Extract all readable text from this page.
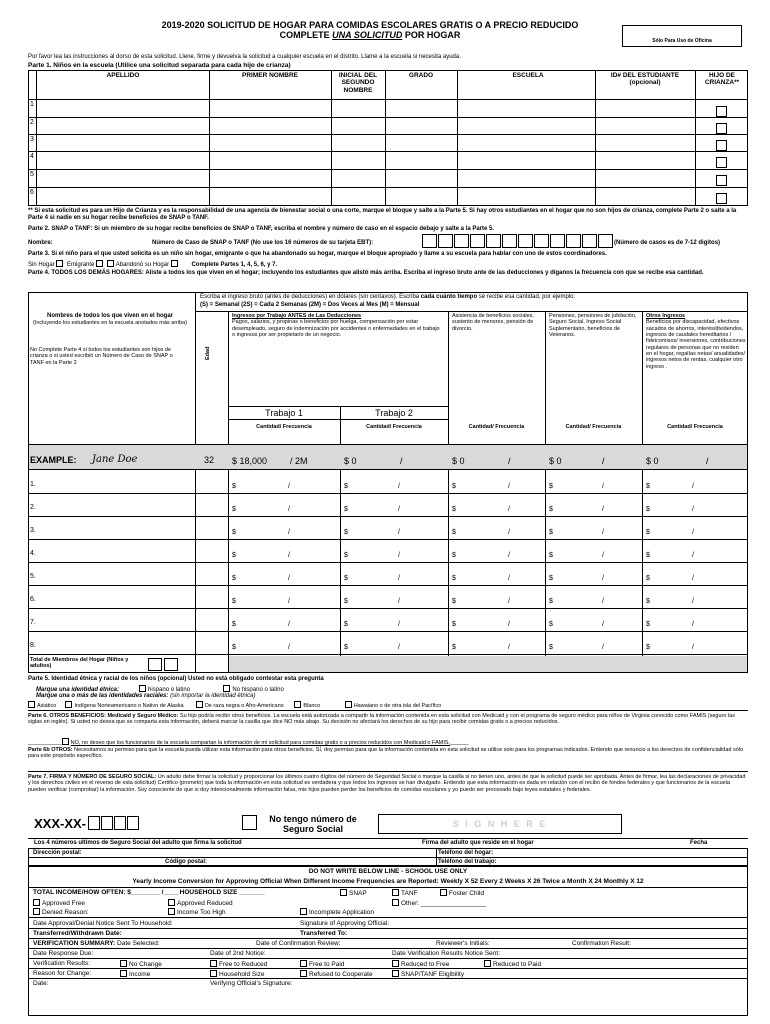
2019-2020 SOLICITUD DE HOGAR PARA COMIDAS ESCOLARES GRATIS O A PRECIO REDUCIDO
COMPLETE UNA SOLICITUD POR HOGAR
Sólo Para Uso de Oficina
Por favor lea las instrucciones al dorso de esta solicitud. Llene, firme y devuelva la solicitud a cualquier escuela en el distrito. Llame a la escuela si necesita ayuda.
Parte 1. Niños en la escuela (Utilice una solicitud separada para cada hijo de crianza)
APELLIDO	PRIMER NOMBRE	INICIAL DEL SEGUNDO NOMBRE
GRADO	ESCUELA	ID# DEL ESTUDIANTE (opcional)
HIJO DE CRIANZA**
1
2
3
4
5
6
** Si esta solicitud es para un Hijo de Crianza y es la responsabilidad de una agencia de bienestar social o una corte, marque el bloque y salte a la Parte 5. Si hay otros estudiantes en el hogar que no son hijos de crianza, complete Parte 2 o salte a la Parte 4 si nadie en su hogar recibe beneficios de SNAP o TANF.
Parte 2. SNAP o TANF: Si un miembro de su hogar recibe beneficios de SNAP o TANF, escriba el nombre y número de caso en el espacio debajo y salte a la Parte 5.
Nombre:	Número de Caso de SNAP o TANF (No use los 16 números de su tarjeta EBT):	(Número de casos es de 7-12 digitos)
Parte 3. Si el niño para el que usted solicita es un niño sin hogar, emigrante o que ha abandonado su hogar, marque el bloque apropiado y llame a su escuela para hablar con uno de estos coordinadores.
Sin Hogar Emigrante	Abandonó su Hogar	Complete Partes 1, 4, 5, 6, y 7.
Parte 4. TODOS LOS DEMÁS HOGARES: Aliste a todos los que viven en el hogar; incluyendo los estudiantes que alistó más arriba. Escriba el ingreso bruto ante de las deducciones y díganos la frecuencia con que se recibe esa cantidad.
Escriba el ingreso bruto (antes de deducciones) en dólares (sin centavos). Escriba cada cuánto tiempo se recibe esa cantidad, por ejemplo:
(S) = Semanal (2S) = Cada 2 Semanas (2M) = Dos Veces al Mes (M) = Mensual
Nombres de todos los que viven en el hogar
(Incluyendo los estudiantes en la escuela anotados más arriba)
No Complete Parte 4 si todos los estudiantes son hijos de crianza o si usted escribió un Número de Caso de SNAP o TANF en la Parte 2
Edad
Ingresos por Trabajo ANTES de Las Deducciones
Pagos, salarios, y propinas o beneficios por huelga, compensación por estar desempleado, seguro de indemnización por accidentes o enfermedades en el trabajo o ingresos por ser propietario de un negocio.
Asistencia de beneficios sociales, sustento de menores, pensión de divorcio.
Pensiones, pensiones de jubilación, Seguro Social, Ingreso Social Suplementario, beneficios de Veteranos.
Otros Ingresos
Beneficios por discapacidad, efectivos sacados de ahorros, interés/dividendos, ingresos de caudales hereditarios / fideicomisos/ inversiones, contribuciones regulares de personas que no residen en el hogar, regalías netas/ anualidades/ ingresos netos de rentas, cualquier otro ingreso .
Trabajo 1	Trabajo 2
Cantidad/ Frecuencia	Cantidad/ Frecuencia	Cantidad/ Frecuencia	Cantidad/ Frecuencia	Cantidad/ Frecuencia
EXAMPLE: Jane Doe	32 $ 18,000	/ 2M	$ 0	/	$ 0	/	$ 0	/	$ 0	/
1.	$	/	$	/	$	/	$	/	$	/
2.	$	/	$	/	$	/	$	/	$	/
3.	$	/	$	/	$	/	$	/	$	/
4.	$	/	$	/	$	/	$	/	$	/
5.	$	/	$	/	$	/	$	/	$	/
6.	$	/	$	/	$	/	$	/	$	/
7.	$	/	$	/	$	/	$	/	$	/
8.	$	/	$	/	$	/	$	/	$	/
Total de Miembros del Hogar (Niños y adultos)
Parte 5. Identidad étnica y racial de los niños (opcional) Usted no está obligado contestar esta pregunta
Marque una identidad étnica:	hispano o latino	No hispano o latino
Marque una o más de las identidades raciales: (sin importar la identidad étnica)
Asiático	Indígena Norteamericano o Nativo de Alaska	De raza negra o Afro-Americano	Blanco	Hawaiano o de otra isla del Pacífico
Parte 6. OTROS BENEFICIOS: Medicaid y Seguro Médico: Su hijo podría recibir otros beneficios. La escuela está autorizada a compartir la información contenida en esta solicitud con Medicaid y con el programa de seguro médico para niños de Virginia conocido como FAMIS (seguro las siglas en inglés). Si usted no desea que se comparta esta información, deberá marcar la casilla que dice NO más abajo. Su decisión no afectará los derechos de su hijo para recibir comidas gratis o a precios reducidos.
___________ NO, no deseo que los funcionarios de la escuela compartan la información de mi solicitud para comidas gratis o a precios reducidos con Medicaid o FAMIS.______
Parte 6b OTROS: Necesitamos su permiso para que la escuela pueda utilizar esta información para otros beneficios. SÍ, doy permiso para que la información contenida en esta solicitud se utilice solo para los programas indicados. Entiendo que renuncio a los derechos de confidencialidad sólo para este propósito específico.
Parte 7. FIRMA Y NÚMERO DE SEGURO SOCIAL: Un adulto debe firmar la solicitud y proporcionar los últimos cuatro dígitos del número de Seguridad Social o marque la casilla si no tienen uno, antes de que la solicitud puede ser aprobada. Antes de firmar, lea las declaraciones de privacidad y los derechos civiles en el reverso de esta solicitud) Certifico (prometo) que toda la información en esta solicitud es verdadera y que todos los ingresos se han divulgado. Entiendo que esta información es dada en relación con el recibo de fondos federales y que funcionarios de la escuela pueden verificar (comprobar) la información. Soy consciente de que si doy intencionalmente información falsa, mis hijos pueden perder los beneficios de comidas escolares y yo puedo ser procesado bajo leyes estatales y federales.
XXX-XX-	No tengo número de Seguro Social
S I G N H E R E
Los 4 números ultimos de Seguro Social del adulto que firma la solicitud	Firma del adulto que reside en el hogar	Fecha
Dirección postal:	Teléfono del hogar:
Código postal:	Teléfono del trabajo:
DO NOT WRITE BELOW LINE - SCHOOL USE ONLY
Yearly Income Conversion for Approving Official When Different Income Frequencies are Reported: Weekly X 52 Every 2 Weeks X 26 Twice a Month X 24 Monthly X 12
TOTAL INCOME/HOW OFTEN: $________ /____ HOUSEHOLD SIZE _______	SNAP	TANF	Foster Child
Other: __________________
Approved Free	Approved Reduced
Denied Reason:	Income Too High	Incomplete Application
Date Approval/Denial Notice Sent To Household:	Signature of Approving Official:
Transferred/Withdrawn Date:	Transferred To:
VERIFICATION SUMMARY: Date Selected:	Date of Confirmation Review:	Reviewer's Initials:	Confirmation Result:
Date Response Due:	Date of 2nd Notice:	Date Verification Results Notice Sent:
Verification Results:	No Change	Free to Reduced	Free to Paid	Reduced to Free	Reduced to Paid
Reason for Change:	Income	Household Size	Refused to Cooperate	SNAP/TANF Eligibility
Date:	Verifying Official's Signature:
